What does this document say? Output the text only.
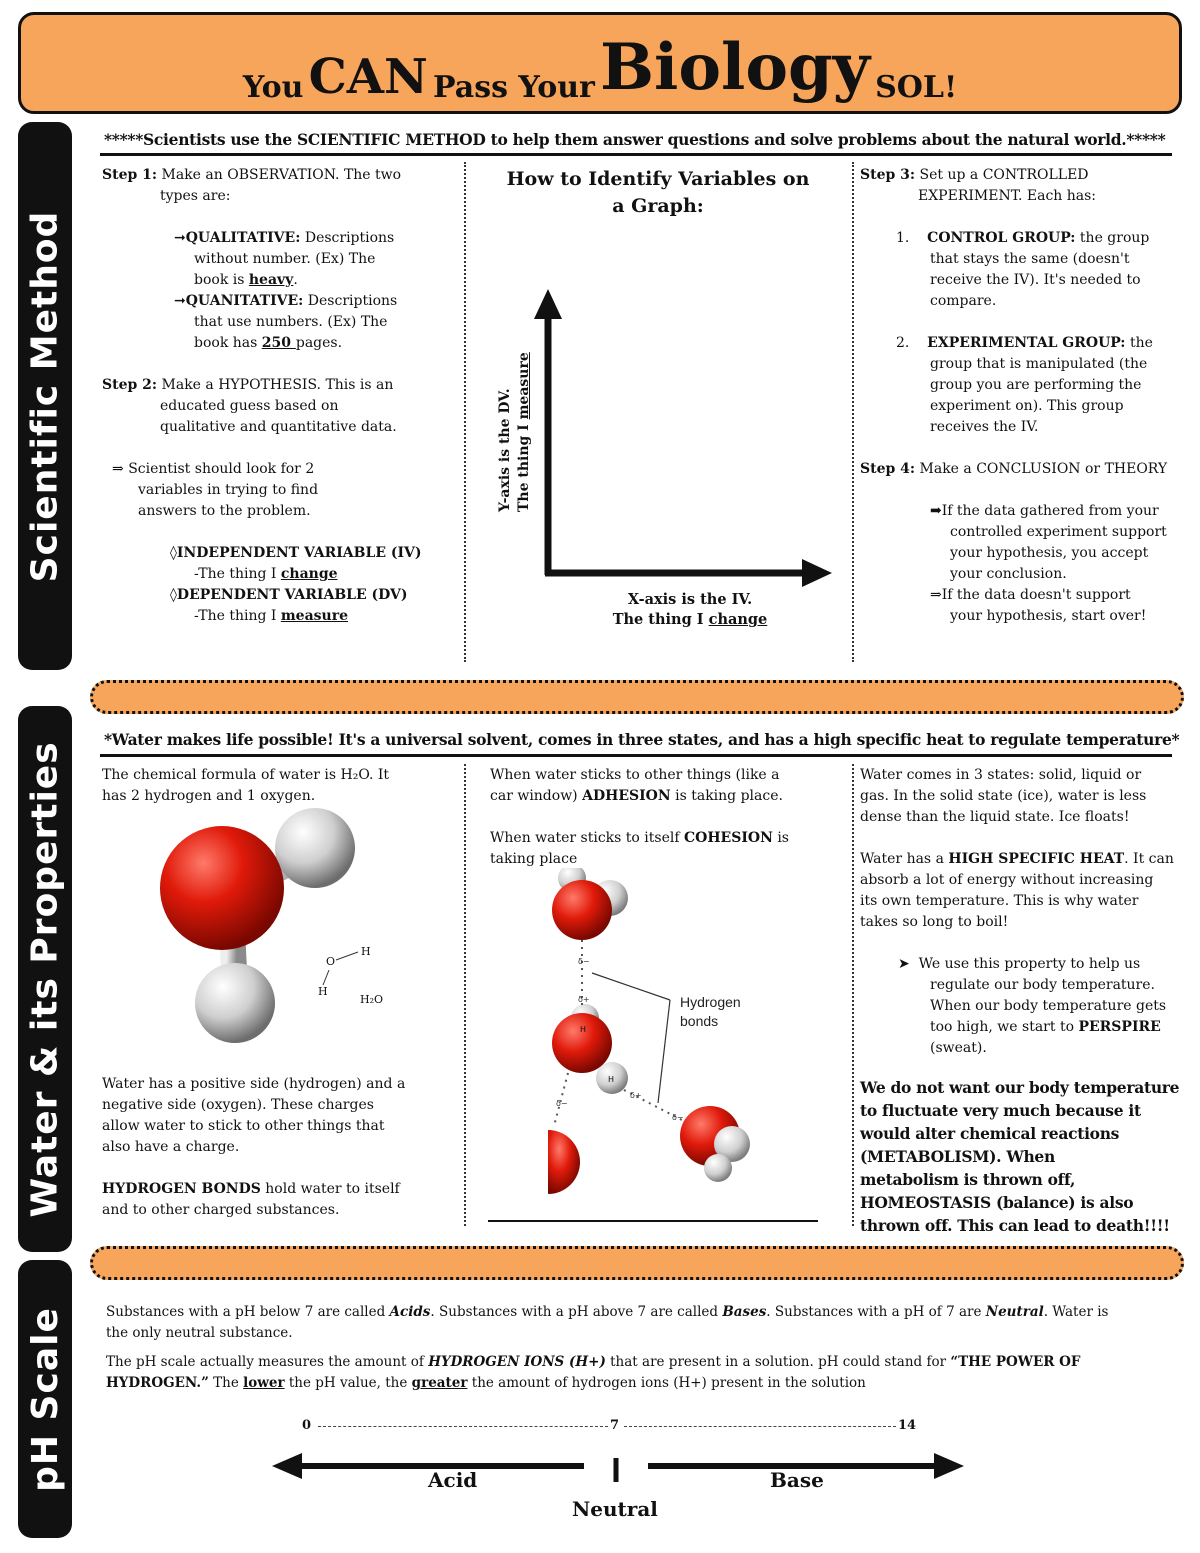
You
CAN
Pass Your
Biology
SOL!
Scientific Method
Water & its Properties
pH Scale
*****Scientists use the SCIENTIFIC METHOD to help them answer questions and solve problems about the natural world.*****

Step 1: Make an OBSERVATION. The two

types are:

➞QUALITATIVE: Descriptions

without number. (Ex) The

book is heavy.

➞QUANITATIVE: Descriptions

that use numbers. (Ex) The

book has 250 pages.

Step 2: Make a HYPOTHESIS. This is an

educated guess based on

qualitative and quantitative data.

⇒ Scientist should look for 2

variables in trying to find

answers to the problem.

◊INDEPENDENT VARIABLE (IV)

-The thing I change

◊DEPENDENT VARIABLE (DV)

-The thing I measure

How to Identify Variables on

a Graph:

Y-axis is the DV. The thing I measure

X-axis is the IV.

The thing I change

Step 3: Set up a CONTROLLED

EXPERIMENT. Each has:

1. CONTROL GROUP: the group

that stays the same (doesn't

receive the IV). It's needed to

compare.

2. EXPERIMENTAL GROUP: the

group that is manipulated (the

group you are performing the

experiment on). This group

receives the IV.

Step 4: Make a CONCLUSION or THEORY

➡If the data gathered from your

controlled experiment support

your hypothesis, you accept

your conclusion.

⇒If the data doesn't support

your hypothesis, start over!

*Water makes life possible! It's a universal solvent, comes in three states, and has a high specific heat to regulate temperature*

The chemical formula of water is H₂O. It

has 2 hydrogen and 1 oxygen.

O
H
H
H₂O

Water has a positive side (hydrogen) and a

negative side (oxygen). These charges

allow water to stick to other things that

also have a charge.

HYDROGEN BONDS hold water to itself

and to other charged substances.

When water sticks to other things (like a

car window) ADHESION is taking place.

When water sticks to itself COHESION is

taking place

δ−
δ+
δ−
δ+
δ−
H
H

Hydrogen

bonds

Water comes in 3 states: solid, liquid or

gas. In the solid state (ice), water is less

dense than the liquid state. Ice floats!

Water has a HIGH SPECIFIC HEAT. It can

absorb a lot of energy without increasing

its own temperature. This is why water

takes so long to boil!

➤ We use this property to help us

regulate our body temperature.

When our body temperature gets

too high, we start to PERSPIRE

(sweat).

We do not want our body temperature

to fluctuate very much because it

would alter chemical reactions

(METABOLISM). When

metabolism is thrown off,

HOMEOSTASIS (balance) is also

thrown off. This can lead to death!!!!

Substances with a pH below 7 are called Acids. Substances with a pH above 7 are called Bases. Substances with a pH of 7 are Neutral. Water is

the only neutral substance.

The pH scale actually measures the amount of HYDROGEN IONS (H+) that are present in a solution. pH could stand for “THE POWER OF

HYDROGEN.” The lower the pH value, the greater the amount of hydrogen ions (H+) present in the solution

0	7	14
Acid	Base
Neutral
